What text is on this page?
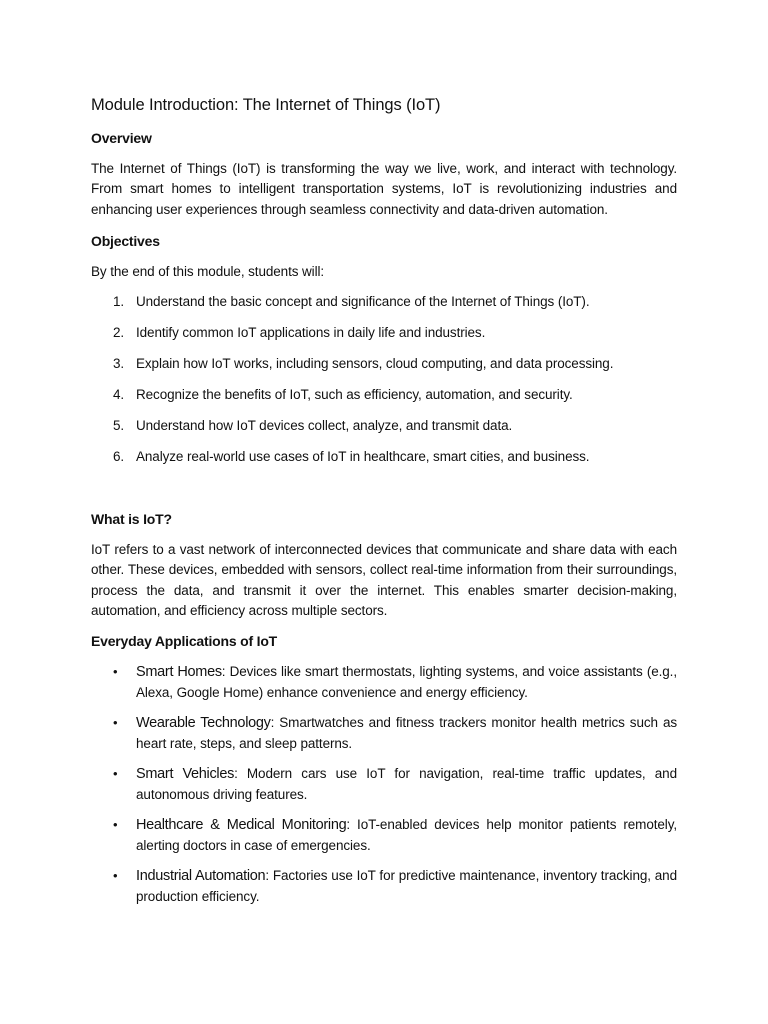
Module Introduction: The Internet of Things (IoT)
Overview

The Internet of Things (IoT) is transforming the way we live, work, and interact with technology. From smart homes to intelligent transportation systems, IoT is revolutionizing industries and enhancing user experiences through seamless connectivity and data-driven automation.

Objectives

By the end of this module, students will:

1. Understand the basic concept and significance of the Internet of Things (IoT).
2. Identify common IoT applications in daily life and industries.
3. Explain how IoT works, including sensors, cloud computing, and data processing.
4. Recognize the benefits of IoT, such as efficiency, automation, and security.
5. Understand how IoT devices collect, analyze, and transmit data.
6. Analyze real-world use cases of IoT in healthcare, smart cities, and business.
What is IoT?

IoT refers to a vast network of interconnected devices that communicate and share data with each other. These devices, embedded with sensors, collect real-time information from their surroundings, process the data, and transmit it over the internet. This enables smarter decision-making, automation, and efficiency across multiple sectors.

Everyday Applications of IoT
• Smart Homes: Devices like smart thermostats, lighting systems, and voice assistants (e.g., Alexa, Google Home) enhance convenience and energy efficiency.
• Wearable Technology: Smartwatches and fitness trackers monitor health metrics such as heart rate, steps, and sleep patterns.
• Smart Vehicles: Modern cars use IoT for navigation, real-time traffic updates, and autonomous driving features.
• Healthcare & Medical Monitoring: IoT-enabled devices help monitor patients remotely, alerting doctors in case of emergencies.
• Industrial Automation: Factories use IoT for predictive maintenance, inventory tracking, and production efficiency.
